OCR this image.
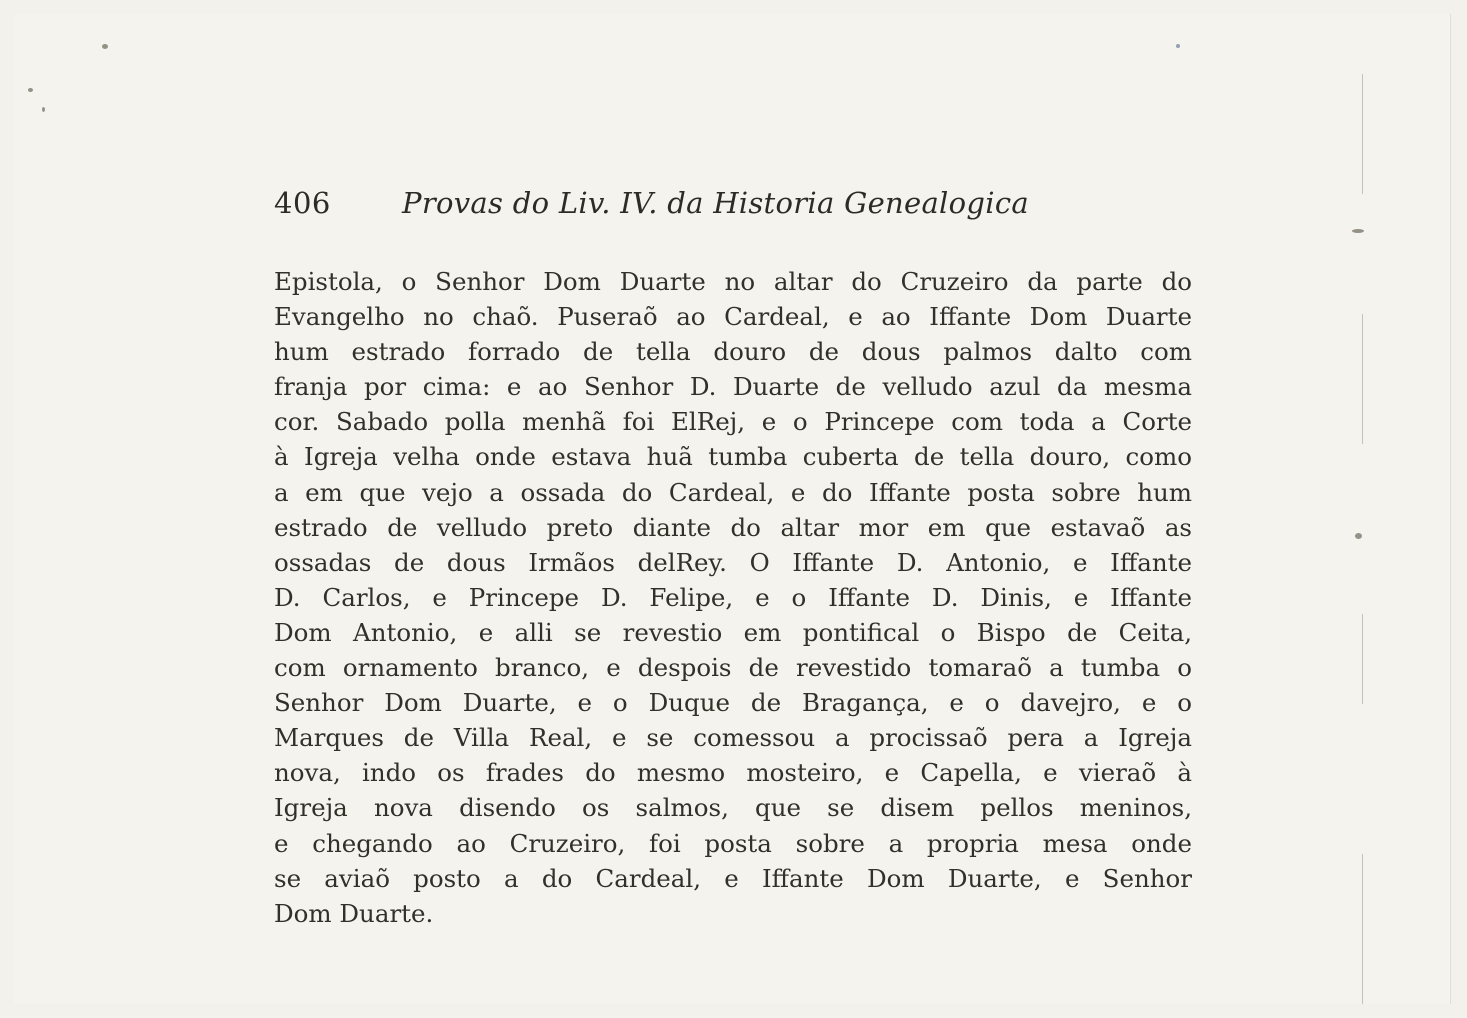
406 Provas do Liv. IV. da Historia Genealogica
Epistola, o Senhor Dom Duarte no altar do Cruzeiro da parte do
Evangelho no chaõ. Puseraõ ao Cardeal, e ao Iffante Dom Duarte
hum estrado forrado de tella douro de dous palmos dalto com
franja por cima: e ao Senhor D. Duarte de velludo azul da mesma
cor. Sabado polla menhã foi ElRej, e o Princepe com toda a Corte
à Igreja velha onde estava huã tumba cuberta de tella douro, como
a em que vejo a ossada do Cardeal, e do Iffante posta sobre hum
estrado de velludo preto diante do altar mor em que estavaõ as
ossadas de dous Irmãos delRey. O Iffante D. Antonio, e Iffante
D. Carlos, e Princepe D. Felipe, e o Iffante D. Dinis, e Iffante
Dom Antonio, e alli se revestio em pontifical o Bispo de Ceita,
com ornamento branco, e despois de revestido tomaraõ a tumba o
Senhor Dom Duarte, e o Duque de Bragança, e o davejro, e o
Marques de Villa Real, e se comessou a procissaõ pera a Igreja
nova, indo os frades do mesmo mosteiro, e Capella, e vieraõ à
Igreja nova disendo os salmos, que se disem pellos meninos,
e chegando ao Cruzeiro, foi posta sobre a propria mesa onde
se aviaõ posto a do Cardeal, e Iffante Dom Duarte, e Senhor
Dom Duarte.
